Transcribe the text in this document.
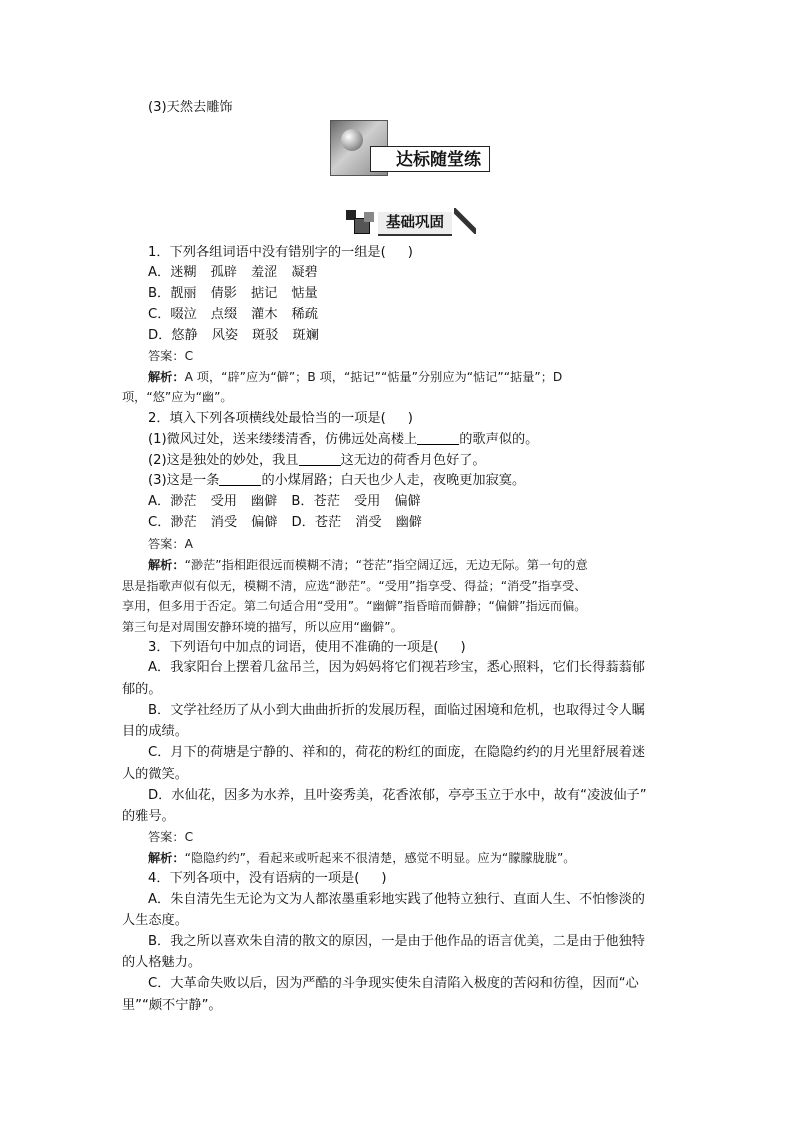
(3)天然去雕饰
达标随堂练
基础巩固
1．下列各组词语中没有错别字的一组是( )
A．迷糊 孤辟 羞涩 凝碧
B．靓丽 倩影 掂记 惦量
C．啜泣 点缀 灌木 稀疏
D．悠静 风姿 斑驳 斑斓
答案：C
解析：A 项，“辟”应为“僻”；B 项，“掂记”“惦量”分别应为“惦记”“掂量”；D
项，“悠”应为“幽”。
2．填入下列各项横线处最恰当的一项是( )
(1)微风过处，送来缕缕清香，仿佛远处高楼上	的歌声似的。
(2)这是独处的妙处，我且	这无边的荷香月色好了。
(3)这是一条	的小煤屑路；白天也少人走，夜晚更加寂寞。
A．渺茫 受用 幽僻 B．苍茫 受用 偏僻
C．渺茫 消受 偏僻 D．苍茫 消受 幽僻
答案：A
解析：“渺茫”指相距很远而模糊不清；“苍茫”指空阔辽远，无边无际。第一句的意
思是指歌声似有似无，模糊不清，应选“渺茫”。“受用”指享受、得益；“消受”指享受、
享用，但多用于否定。第二句适合用“受用”。“幽僻”指昏暗而僻静；“偏僻”指远而偏。
第三句是对周围安静环境的描写，所以应用“幽僻”。
3．下列语句中加点的词语，使用不准确的一项是( )
A．我家阳台上摆着几盆吊兰，因为妈妈将它们视若珍宝，悉心照料，它们长得蓊蓊郁
郁的。
B．文学社经历了从小到大曲曲折折的发展历程，面临过困境和危机，也取得过令人瞩
目的成绩。
C．月下的荷塘是宁静的、祥和的，荷花的粉红的面庞，在隐隐约约的月光里舒展着迷
人的微笑。
D．水仙花，因多为水养，且叶姿秀美，花香浓郁，亭亭玉立于水中，故有“凌波仙子”
的雅号。
答案：C
解析：“隐隐约约”，看起来或听起来不很清楚，感觉不明显。应为“朦朦胧胧”。
4．下列各项中，没有语病的一项是( )
A．朱自清先生无论为文为人都浓墨重彩地实践了他特立独行、直面人生、不怕惨淡的
人生态度。
B．我之所以喜欢朱自清的散文的原因，一是由于他作品的语言优美，二是由于他独特
的人格魅力。
C．大革命失败以后，因为严酷的斗争现实使朱自清陷入极度的苦闷和彷徨，因而“心
里”“颇不宁静”。
